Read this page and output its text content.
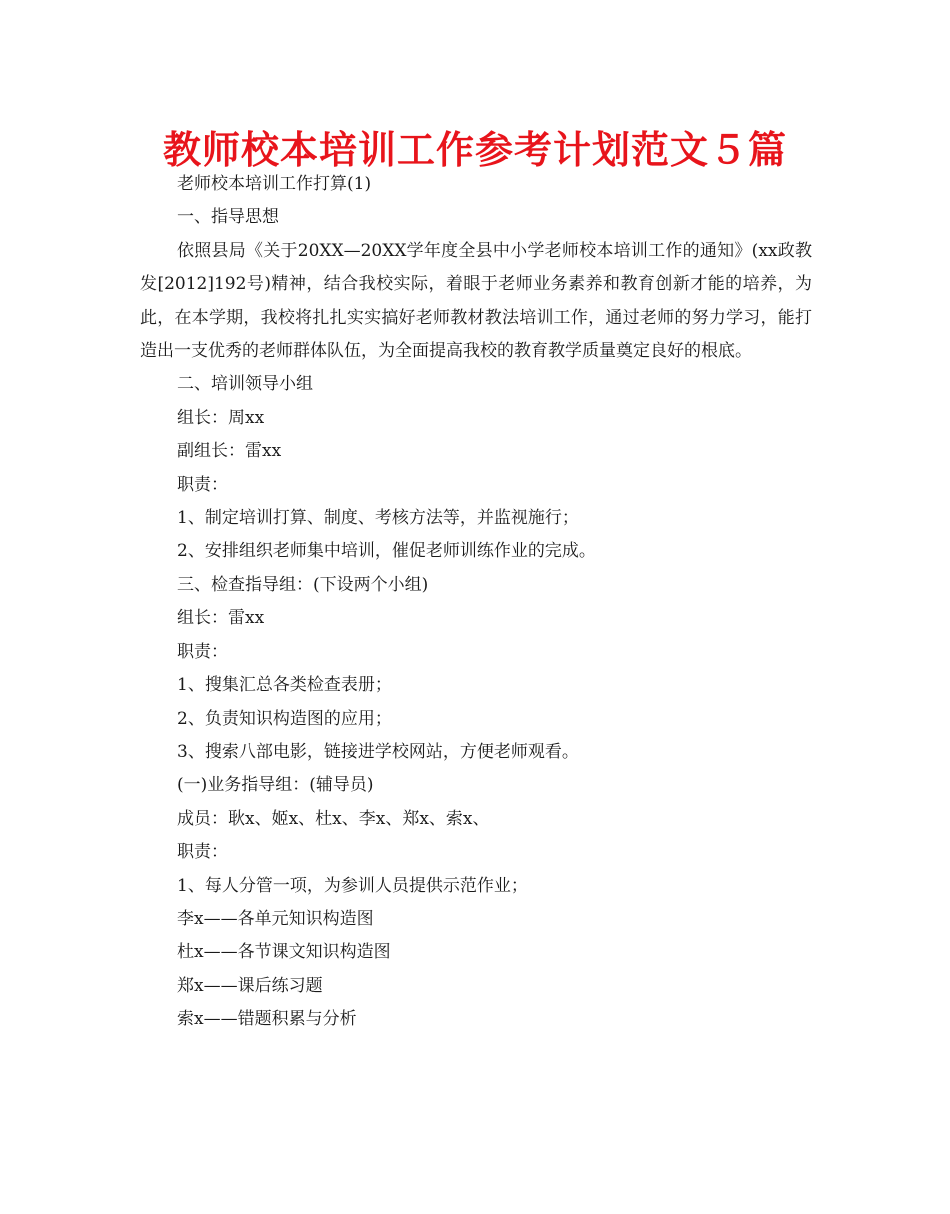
教师校本培训工作参考计划范文５篇
老师校本培训工作打算(1)
一、指导思想
依照县局《关于20XX—20XX学年度全县中小学老师校本培训工作的通知》(xx政教发[2012]192号)精神，结合我校实际，着眼于老师业务素养和教育创新才能的培养，为此，在本学期，我校将扎扎实实搞好老师教材教法培训工作，通过老师的努力学习，能打造出一支优秀的老师群体队伍，为全面提高我校的教育教学质量奠定良好的根底。
二、培训领导小组
组长：周xx
副组长：雷xx
职责：
1、制定培训打算、制度、考核方法等，并监视施行；
2、安排组织老师集中培训，催促老师训练作业的完成。
三、检查指导组：(下设两个小组)
组长：雷xx
职责：
1、搜集汇总各类检查表册；
2、负责知识构造图的应用；
3、搜索八部电影，链接进学校网站，方便老师观看。
(一)业务指导组：(辅导员)
成员：耿x、姬x、杜x、李x、郑x、索x、
职责：
1、每人分管一项，为参训人员提供示范作业；
李x——各单元知识构造图
杜x——各节课文知识构造图
郑x——课后练习题
索x——错题积累与分析
